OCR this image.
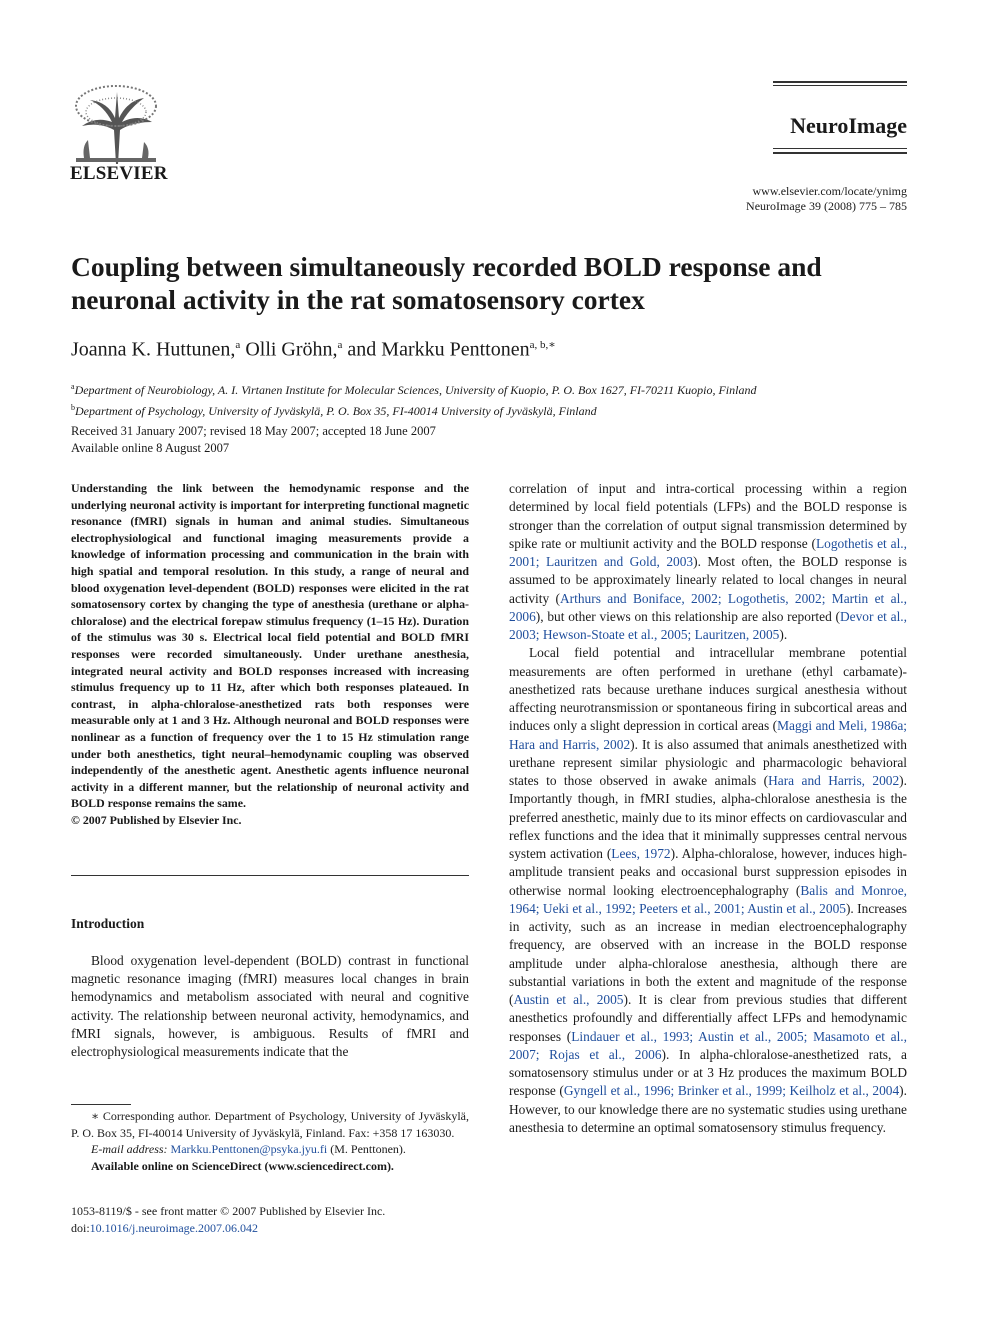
ELSEVIER
NeuroImage
www.elsevier.com/locate/ynimg
NeuroImage 39 (2008) 775 – 785
Coupling between simultaneously recorded BOLD response and neuronal activity in the rat somatosensory cortex
Joanna K. Huttunen,$^a$ Olli Gröhn,$^a$ and Markku Penttonen$^{a, b,∗}$
$^a$Department of Neurobiology, A. I. Virtanen Institute for Molecular Sciences, University of Kuopio, P. O. Box 1627, FI-70211 Kuopio, Finland
$^b$Department of Psychology, University of Jyväskylä, P. O. Box 35, FI-40014 University of Jyväskylä, Finland
Received 31 January 2007; revised 18 May 2007; accepted 18 June 2007
Available online 8 August 2007

Understanding the link between the hemodynamic response and the underlying neuronal activity is important for interpreting functional magnetic resonance (fMRI) signals in human and animal studies. Simultaneous electrophysiological and functional imaging measurements provide a knowledge of information processing and communication in the brain with high spatial and temporal resolution. In this study, a range of neural and blood oxygenation level-dependent (BOLD) responses were elicited in the rat somatosensory cortex by changing the type of anesthesia (urethane or alpha-chloralose) and the electrical forepaw stimulus frequency (1–15 Hz). Duration of the stimulus was 30 s. Electrical local field potential and BOLD fMRI responses were recorded simultaneously. Under urethane anesthesia, integrated neural activity and BOLD responses increased with increasing stimulus frequency up to 11 Hz, after which both responses plateaued. In contrast, in alpha-chloralose-anesthetized rats both responses were measurable only at 1 and 3 Hz. Although neuronal and BOLD responses were nonlinear as a function of frequency over the 1 to 15 Hz stimulation range under both anesthetics, tight neural–hemodynamic coupling was observed independently of the anesthetic agent. Anesthetic agents influence neuronal activity in a different manner, but the relationship of neuronal activity and BOLD response remains the same.

© 2007 Published by Elsevier Inc.

Introduction

Blood oxygenation level-dependent (BOLD) contrast in functional magnetic resonance imaging (fMRI) measures local changes in brain hemodynamics and metabolism associated with neural and cognitive activity. The relationship between neuronal activity, hemodynamics, and fMRI signals, however, is ambiguous. Results of fMRI and electrophysiological measurements indicate that the

∗ Corresponding author. Department of Psychology, University of Jyväskylä, P. O. Box 35, FI-40014 University of Jyväskylä, Finland. Fax: +358 17 163030.

E-mail address: Markku.Penttonen@psyka.jyu.fi (M. Penttonen).

Available online on ScienceDirect (www.sciencedirect.com).

1053-8119/$ - see front matter © 2007 Published by Elsevier Inc.
doi:10.1016/j.neuroimage.2007.06.042

correlation of input and intra-cortical processing within a region determined by local field potentials (LFPs) and the BOLD response is stronger than the correlation of output signal transmission determined by spike rate or multiunit activity and the BOLD response (Logothetis et al., 2001; Lauritzen and Gold, 2003). Most often, the BOLD response is assumed to be approximately linearly related to local changes in neural activity (Arthurs and Boniface, 2002; Logothetis, 2002; Martin et al., 2006), but other views on this relationship are also reported (Devor et al., 2003; Hewson-Stoate et al., 2005; Lauritzen, 2005).

Local field potential and intracellular membrane potential measurements are often performed in urethane (ethyl carbamate)-anesthetized rats because urethane induces surgical anesthesia without affecting neurotransmission or spontaneous firing in subcortical areas and induces only a slight depression in cortical areas (Maggi and Meli, 1986a; Hara and Harris, 2002). It is also assumed that animals anesthetized with urethane represent similar physiologic and pharmacologic behavioral states to those observed in awake animals (Hara and Harris, 2002). Importantly though, in fMRI studies, alpha-chloralose anesthesia is the preferred anesthetic, mainly due to its minor effects on cardiovascular and reflex functions and the idea that it minimally suppresses central nervous system activation (Lees, 1972). Alpha-chloralose, however, induces high-amplitude transient peaks and occasional burst suppression episodes in otherwise normal looking electroencephalography (Balis and Monroe, 1964; Ueki et al., 1992; Peeters et al., 2001; Austin et al., 2005). Increases in activity, such as an increase in median electroencephalography frequency, are observed with an increase in the BOLD response amplitude under alpha-chloralose anesthesia, although there are substantial variations in both the extent and magnitude of the response (Austin et al., 2005). It is clear from previous studies that different anesthetics profoundly and differentially affect LFPs and hemodynamic responses (Lindauer et al., 1993; Austin et al., 2005; Masamoto et al., 2007; Rojas et al., 2006). In alpha-chloralose-anesthetized rats, a somatosensory stimulus under or at 3 Hz produces the maximum BOLD response (Gyngell et al., 1996; Brinker et al., 1999; Keilholz et al., 2004). However, to our knowledge there are no systematic studies using urethane anesthesia to determine an optimal somatosensory stimulus frequency.
